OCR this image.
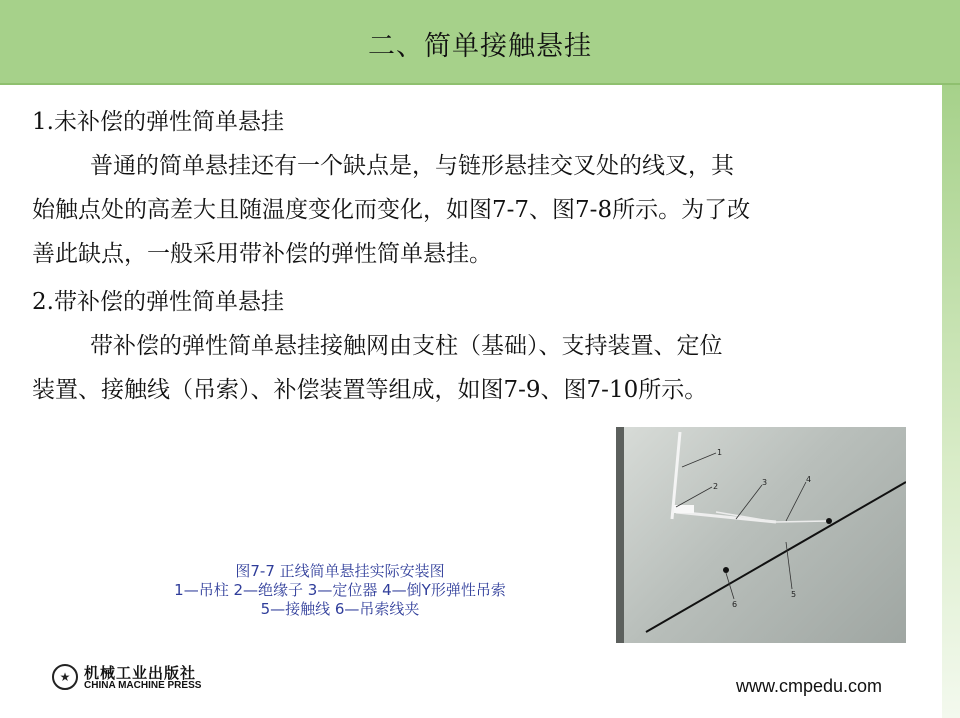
二、简单接触悬挂

1.未补偿的弹性简单悬挂

普通的简单悬挂还有一个缺点是，与链形悬挂交叉处的线叉，其

始触点处的高差大且随温度变化而变化，如图7-7、图7-8所示。为了改

善此缺点，一般采用带补偿的弹性简单悬挂。

2.带补偿的弹性简单悬挂

带补偿的弹性简单悬挂接触网由支柱（基础）、支持装置、定位

装置、接触线（吊索）、补偿装置等组成，如图7-9、图7-10所示。

1
2	3	4
5
6
图7-7 正线简单悬挂实际安装图
1—吊柱 2—绝缘子 3—定位器 4—倒Y形弹性吊索
5—接触线 6—吊索线夹
★ 机械工业出版社
CHINA MACHINE PRESS	www.cmpedu.com
